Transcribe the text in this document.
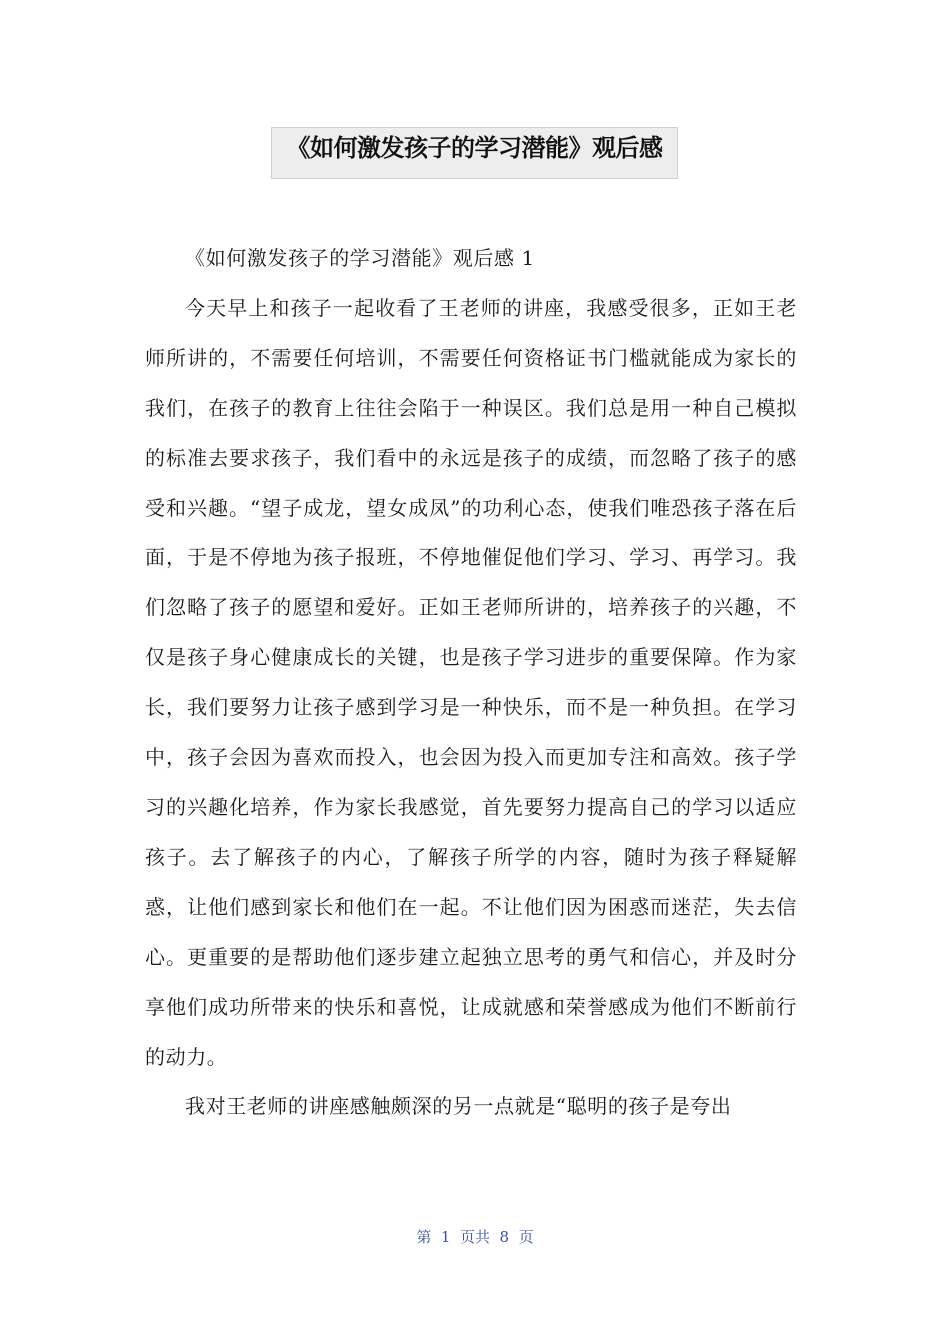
《如何激发孩子的学习潜能》观后感

《如何激发孩子的学习潜能》观后感 1

今天早上和孩子一起收看了王老师的讲座，我感受很多，正如王老师所讲的，不需要任何培训，不需要任何资格证书门槛就能成为家长的我们，在孩子的教育上往往会陷于一种误区。我们总是用一种自己模拟的标准去要求孩子，我们看中的永远是孩子的成绩，而忽略了孩子的感受和兴趣。“望子成龙，望女成凤”的功利心态，使我们唯恐孩子落在后面，于是不停地为孩子报班，不停地催促他们学习、学习、再学习。我们忽略了孩子的愿望和爱好。正如王老师所讲的，培养孩子的兴趣，不仅是孩子身心健康成长的关键，也是孩子学习进步的重要保障。作为家长，我们要努力让孩子感到学习是一种快乐，而不是一种负担。在学习中，孩子会因为喜欢而投入，也会因为投入而更加专注和高效。孩子学习的兴趣化培养，作为家长我感觉，首先要努力提高自己的学习以适应孩子。去了解孩子的内心，了解孩子所学的内容，随时为孩子释疑解惑，让他们感到家长和他们在一起。不让他们因为困惑而迷茫，失去信心。更重要的是帮助他们逐步建立起独立思考的勇气和信心，并及时分享他们成功所带来的快乐和喜悦，让成就感和荣誉感成为他们不断前行的动力。

我对王老师的讲座感触颇深的另一点就是“聪明的孩子是夸出

第  1  页共  8  页
